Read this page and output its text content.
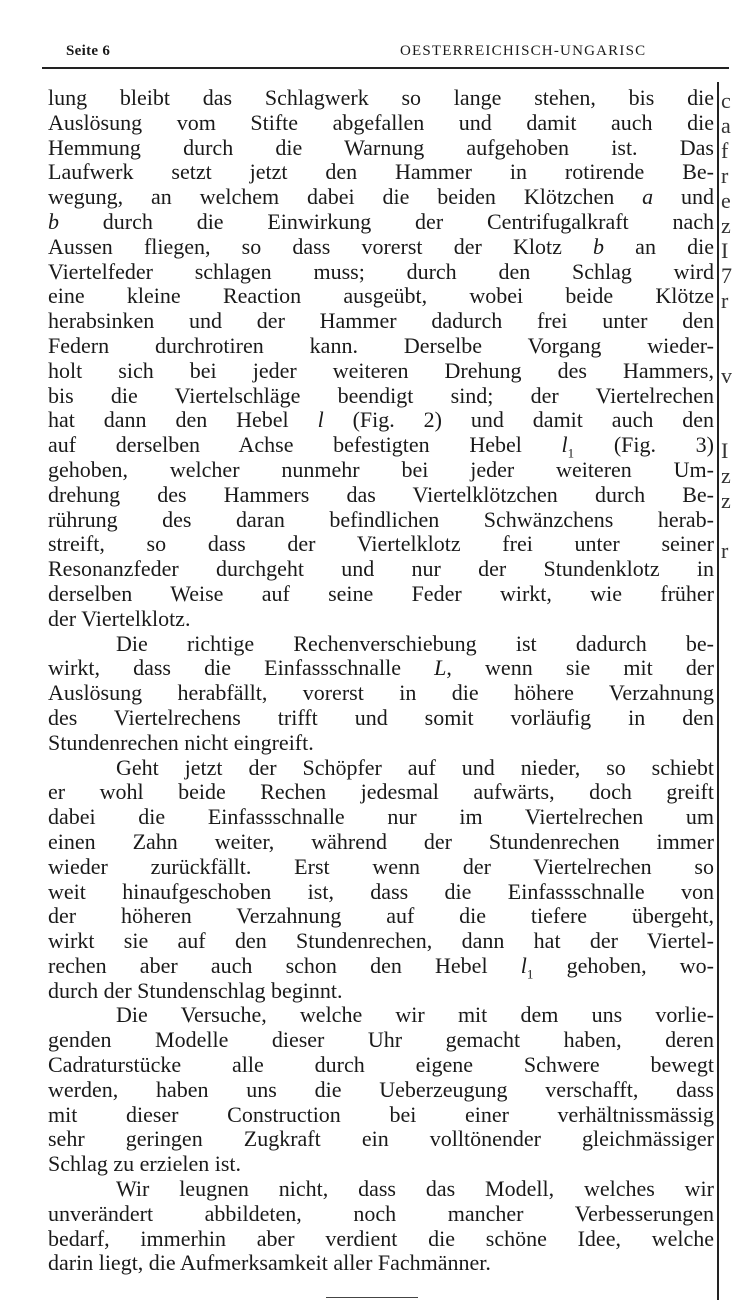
Seite 6	OESTERREICHISCH-UNGARISC
c
a
f
r
e
z
I
7
r
v
I
z
z
r
lung bleibt das Schlagwerk so lange stehen, bis die
Auslösung vom Stifte abgefallen und damit auch die
Hemmung durch die Warnung aufgehoben ist. Das
Laufwerk setzt jetzt den Hammer in rotirende Be-
wegung, an welchem dabei die beiden Klötzchen a und
b durch die Einwirkung der Centrifugalkraft nach
Aussen fliegen, so dass vorerst der Klotz b an die
Viertelfeder schlagen muss; durch den Schlag wird
eine kleine Reaction ausgeübt, wobei beide Klötze
herabsinken und der Hammer dadurch frei unter den
Federn durchrotiren kann. Derselbe Vorgang wieder-
holt sich bei jeder weiteren Drehung des Hammers,
bis die Viertelschläge beendigt sind; der Viertelrechen
hat dann den Hebel l (Fig. 2) und damit auch den
auf derselben Achse befestigten Hebel $l_1$ (Fig. 3)
gehoben, welcher nunmehr bei jeder weiteren Um-
drehung des Hammers das Viertelklötzchen durch Be-
rührung des daran befindlichen Schwänzchens herab-
streift, so dass der Viertelklotz frei unter seiner
Resonanzfeder durchgeht und nur der Stundenklotz in
derselben Weise auf seine Feder wirkt, wie früher
der Viertelklotz.
Die richtige Rechenverschiebung ist dadurch be-
wirkt, dass die Einfassschnalle L, wenn sie mit der
Auslösung herabfällt, vorerst in die höhere Verzahnung
des Viertelrechens trifft und somit vorläufig in den
Stundenrechen nicht eingreift.
Geht jetzt der Schöpfer auf und nieder, so schiebt
er wohl beide Rechen jedesmal aufwärts, doch greift
dabei die Einfassschnalle nur im Viertelrechen um
einen Zahn weiter, während der Stundenrechen immer
wieder zurückfällt. Erst wenn der Viertelrechen so
weit hinaufgeschoben ist, dass die Einfassschnalle von
der höheren Verzahnung auf die tiefere übergeht,
wirkt sie auf den Stundenrechen, dann hat der Viertel-
rechen aber auch schon den Hebel $l_1$ gehoben, wo-
durch der Stundenschlag beginnt.
Die Versuche, welche wir mit dem uns vorlie-
genden Modelle dieser Uhr gemacht haben, deren
Cadraturstücke alle durch eigene Schwere bewegt
werden, haben uns die Ueberzeugung verschafft, dass
mit dieser Construction bei einer verhältnissmässig
sehr geringen Zugkraft ein volltönender gleichmässiger
Schlag zu erzielen ist.
Wir leugnen nicht, dass das Modell, welches wir
unverändert abbildeten, noch mancher Verbesserungen
bedarf, immerhin aber verdient die schöne Idee, welche
darin liegt, die Aufmerksamkeit aller Fachmänner.
